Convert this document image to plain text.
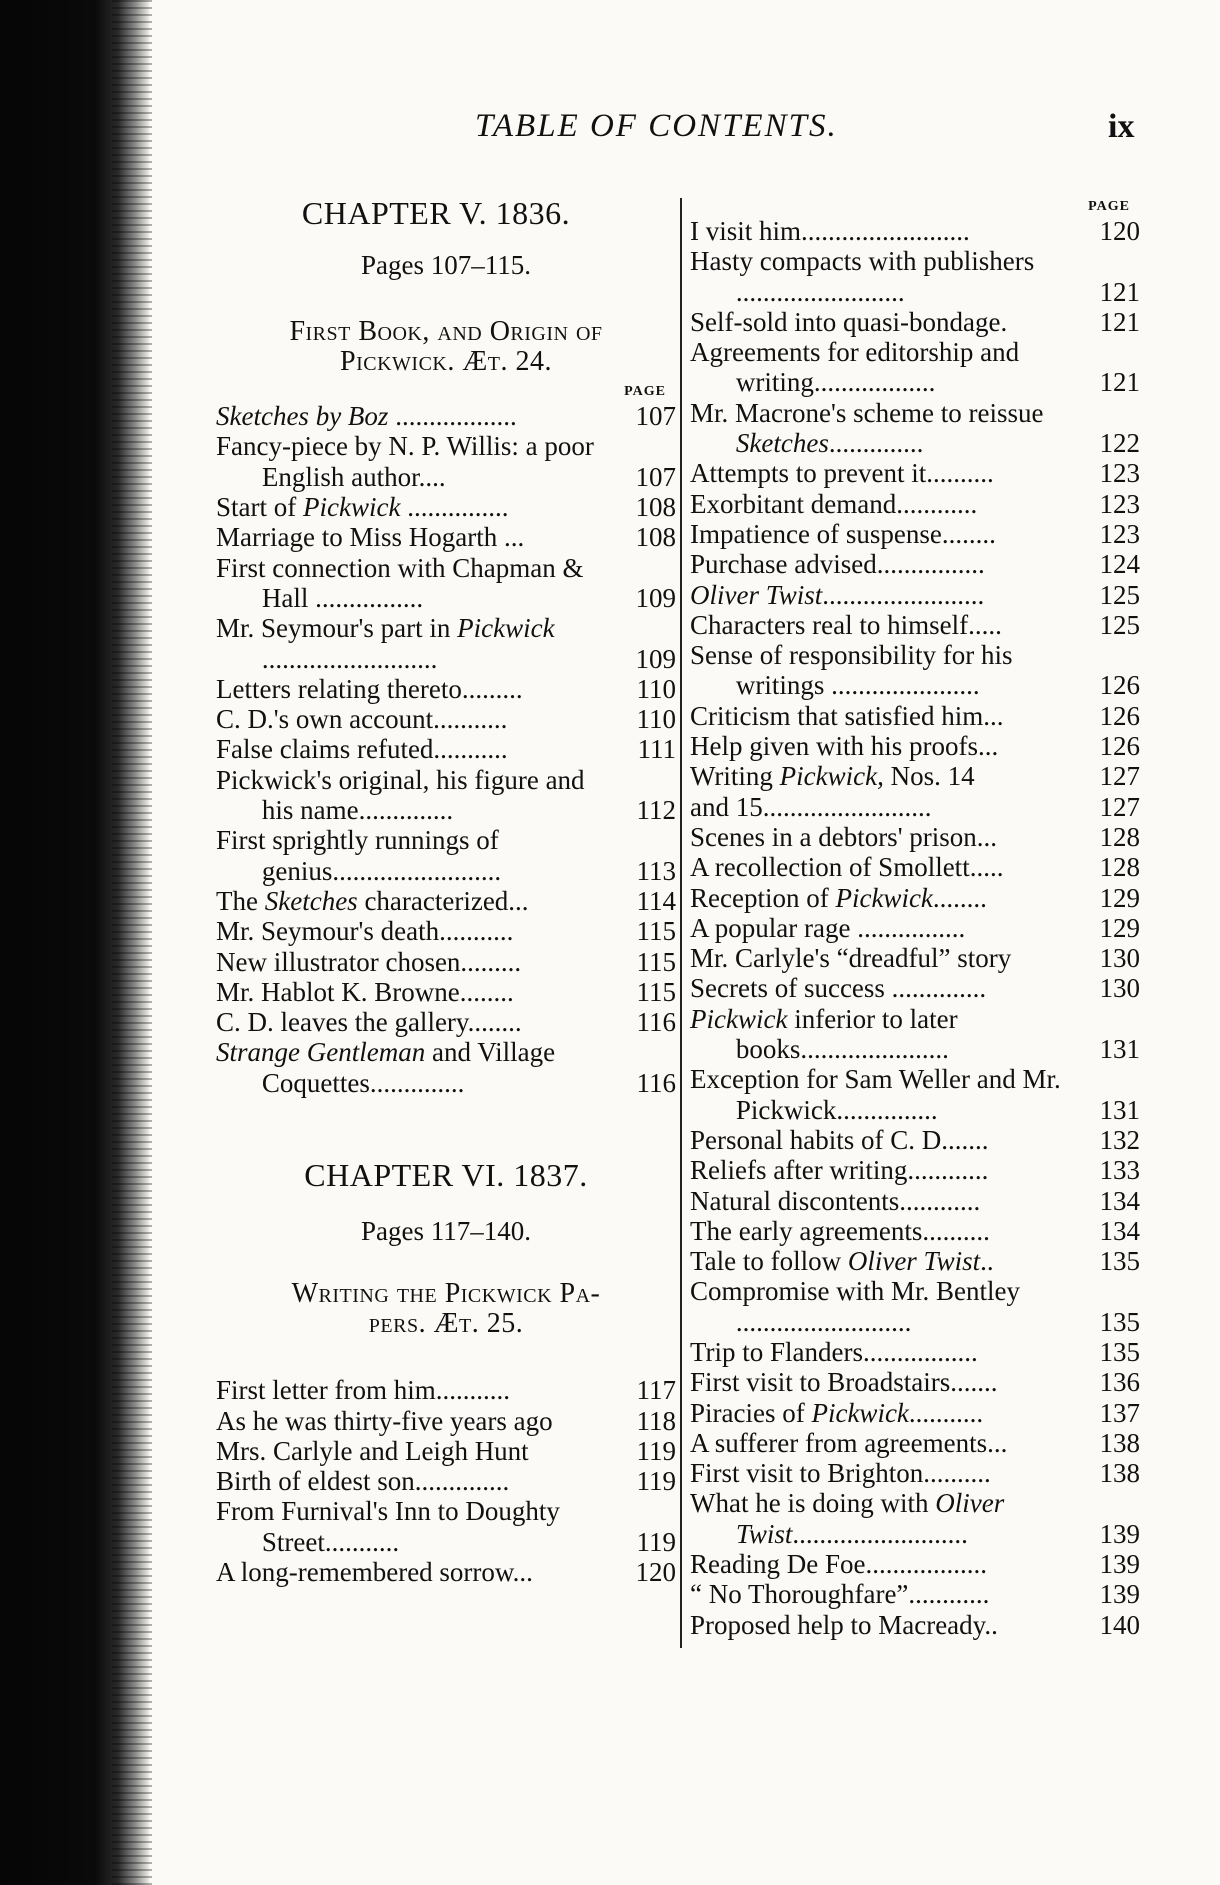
TABLE OF CONTENTS.	ix
CHAPTER V. 1836.
Pages 107–115.
First Book, and Origin of
Pickwick. Ӕt. 24.
PAGE
Sketches by Boz ..................	107
Fancy-piece by N. P. Willis: a poor English author....	107
Start of Pickwick ...............	108
Marriage to Miss Hogarth ...	108
First connection with Chapman & Hall ................	109
Mr. Seymour's part in Pickwick ..........................	109
Letters relating thereto.........	110
C. D.'s own account...........	110
False claims refuted...........	111
Pickwick's original, his figure and his name..............	112
First sprightly runnings of genius.........................	113
The Sketches characterized...	114
Mr. Seymour's death...........	115
New illustrator chosen.........	115
Mr. Hablot K. Browne........	115
C. D. leaves the gallery........	116
Strange Gentleman and Village Coquettes..............	116
CHAPTER VI. 1837.
Pages 117–140.
Writing the Pickwick Pa-
pers. Ӕt. 25.
First letter from him...........	117
As he was thirty-five years ago	118
Mrs. Carlyle and Leigh Hunt	119
Birth of eldest son..............	119
From Furnival's Inn to Doughty Street...........	119
A long-remembered sorrow...	120
PAGE
I visit him.........................	120
Hasty compacts with publishers .........................	121
Self-sold into quasi-bondage.	121
Agreements for editorship and writing..................	121
Mr. Macrone's scheme to reissue Sketches..............	122
Attempts to prevent it..........	123
Exorbitant demand............	123
Impatience of suspense........	123
Purchase advised................	124
Oliver Twist........................	125
Characters real to himself.....	125
Sense of responsibility for his writings ......................	126
Criticism that satisfied him...	126
Help given with his proofs...	126
Writing Pickwick, Nos. 14	127
and 15.........................	127
Scenes in a debtors' prison...	128
A recollection of Smollett.....	128
Reception of Pickwick........	129
A popular rage ................	129
Mr. Carlyle's “dreadful” story	130
Secrets of success ..............	130
Pickwick inferior to later books......................	131
Exception for Sam Weller and Mr. Pickwick...............	131
Personal habits of C. D.......	132
Reliefs after writing............	133
Natural discontents............	134
The early agreements..........	134
Tale to follow Oliver Twist..	135
Compromise with Mr. Bentley ..........................	135
Trip to Flanders.................	135
First visit to Broadstairs.......	136
Piracies of Pickwick...........	137
A sufferer from agreements...	138
First visit to Brighton..........	138
What he is doing with Oliver Twist..........................	139
Reading De Foe..................	139
“ No Thoroughfare”............	139
Proposed help to Macready..	140
